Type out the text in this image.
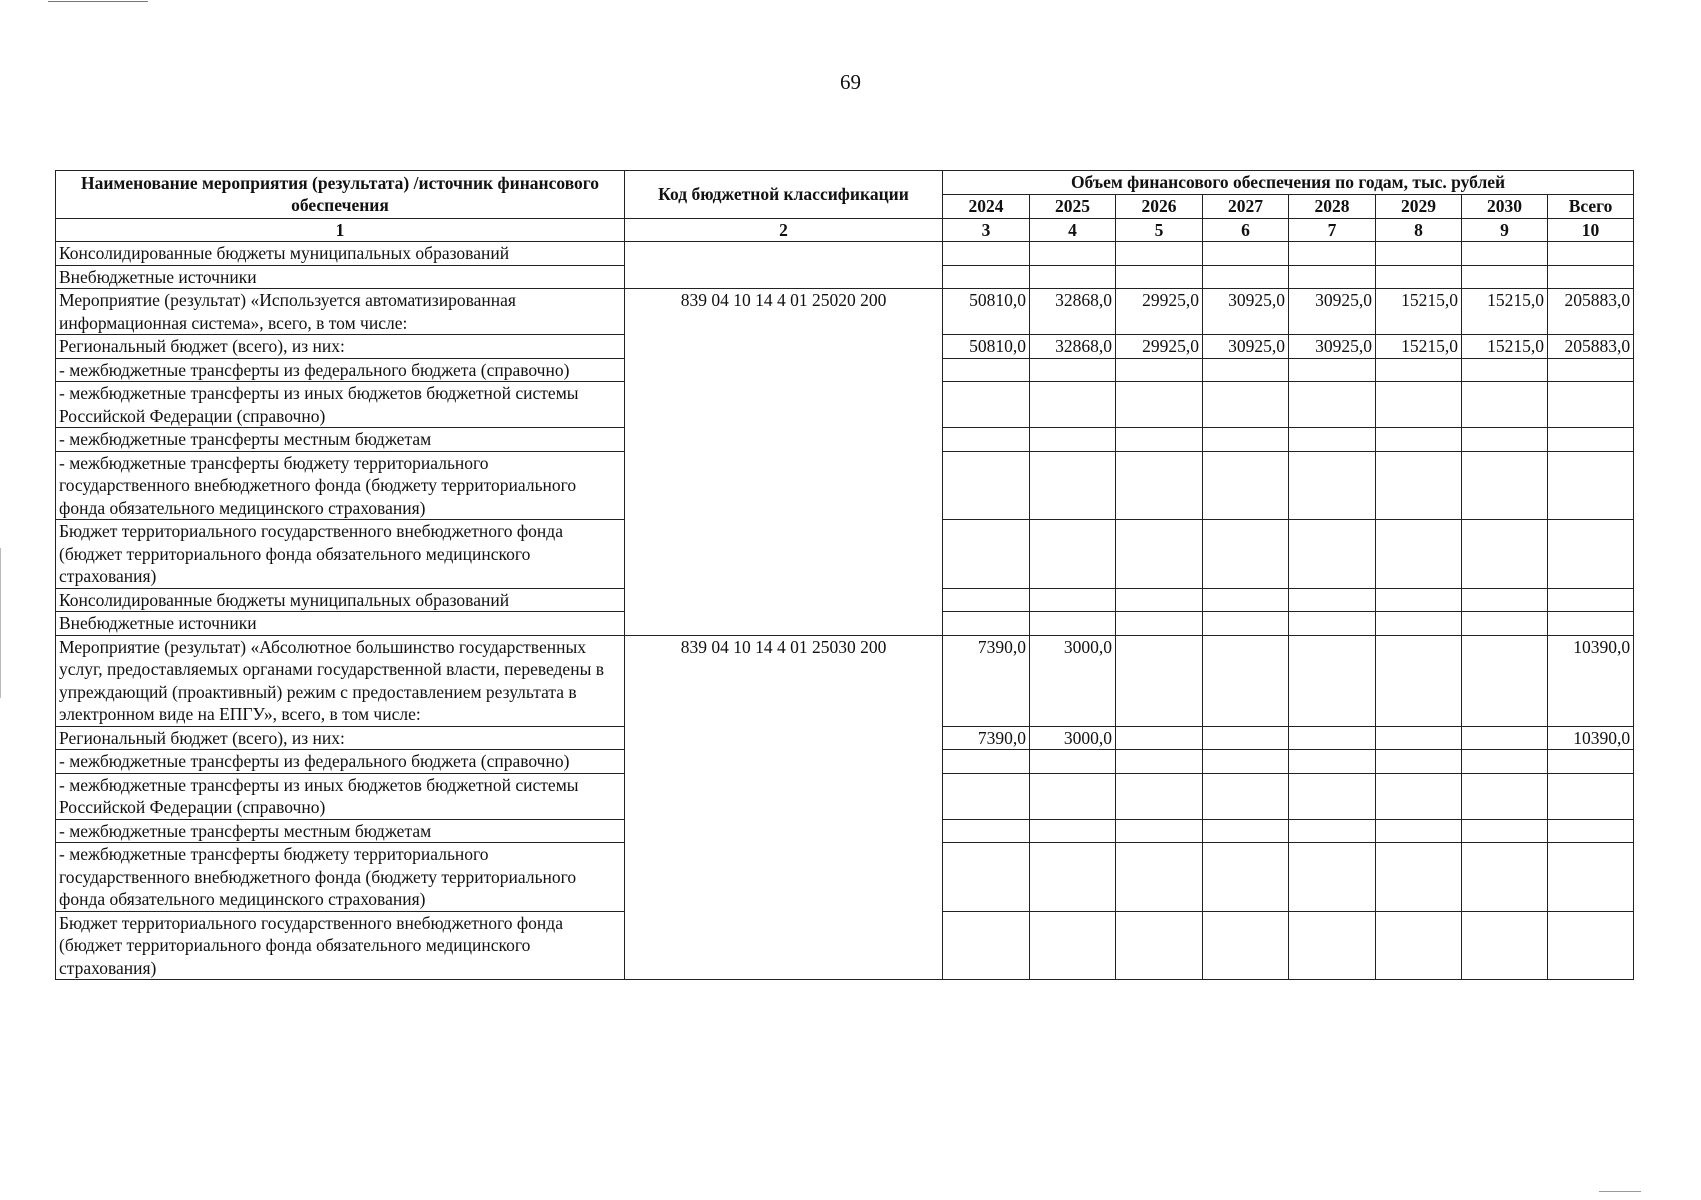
69
Наименование мероприятия (результата) /источник финансового обеспечения	Код бюджетной классификации	Объем финансового обеспечения по годам, тыс. рублей							
		2024	2025	2026	2027	2028	2029	2030	Всего
1	2	3	4	5	6	7	8	9	10
Консолидированные бюджеты муниципальных образований									
Внебюджетные источники									
Мероприятие (результат) «Используется автоматизированная информационная система», всего, в том числе:	839 04 10 14 4 01 25020 200	50810,0	32868,0	29925,0	30925,0	30925,0	15215,0	15215,0	205883,0
Региональный бюджет (всего), из них:		50810,0	32868,0	29925,0	30925,0	30925,0	15215,0	15215,0	205883,0
- межбюджетные трансферты из федерального бюджета (справочно)									
- межбюджетные трансферты из иных бюджетов бюджетной системы Российской Федерации (справочно)									
- межбюджетные трансферты местным бюджетам									
- межбюджетные трансферты бюджету территориального государственного внебюджетного фонда (бюджету территориального фонда обязательного медицинского страхования)									
Бюджет территориального государственного внебюджетного фонда (бюджет территориального фонда обязательного медицинского страхования)									
Консолидированные бюджеты муниципальных образований									
Внебюджетные источники									
Мероприятие (результат) «Абсолютное большинство государственных услуг, предоставляемых органами государственной власти, переведены в упреждающий (проактивный) режим с предоставлением результата в электронном виде на ЕПГУ», всего, в том числе:	839 04 10 14 4 01 25030 200	7390,0	3000,0						10390,0
Региональный бюджет (всего), из них:		7390,0	3000,0						10390,0
- межбюджетные трансферты из федерального бюджета (справочно)									
- межбюджетные трансферты из иных бюджетов бюджетной системы Российской Федерации (справочно)									
- межбюджетные трансферты местным бюджетам									
- межбюджетные трансферты бюджету территориального государственного внебюджетного фонда (бюджету территориального фонда обязательного медицинского страхования)									
Бюджет территориального государственного внебюджетного фонда (бюджет территориального фонда обязательного медицинского страхования)									
